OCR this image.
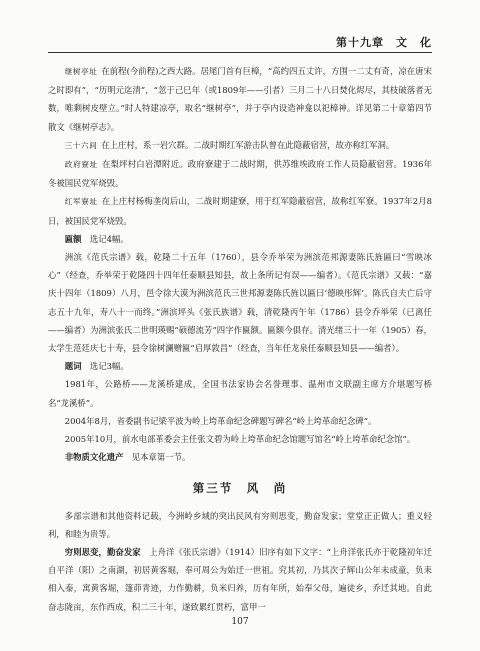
第十九章　文　化

继树亭址 在前程(今前程)之西大路。居尾门首有巨樟，“高约四五丈许，方围一二丈有奇，凉在唐宋之时即有”，“历明元迄清”，“忽于己巳年（或1809年——引者）三月二十八日焚化烬尽，其枝破落者无数，唯剩树皮壁立。”时人特建凉亭，取名“继树亭”，并于亭内设造神龛以祀樟神。详见第二十章第四节散文《继树亭志》。

三十六间 在上庄村，系一岩穴群。二战时期红军游击队曾在此隐蔽宿营，故亦称红军洞。

政府寮址 在梨坪村白岩潭附近。政府寮建于二战时期，供苏维埃政府工作人员隐蔽宿营。1936年冬被国民党军烧毁。

红军寮址 在上庄村杨梅垄岗后山，二战时期建寮，用于红军隐蔽宿营，故称红军寮。1937年2月8日，被国民党军烧毁。

匾额　 选记4幅。

洲滨《范氏宗谱》载，乾隆二十五年（1760），县令乔举荣为洲滨范邦源妻陈氏旌匾曰“雪映冰心”（经查，乔举荣于乾隆四十四年任泰顺县知县，故上条所记有误——编者）。《范氏宗谱》又载：“嘉庆十四年（1809）八月，邑令徐大漠为洲滨范氏三世邦源妻陈氏旌以匾曰‘德映彤辉’。陈氏自夫亡后守志五十九年，寿八十一而终。”洲滨坪头《张氏族谱》载，清乾隆丙午年（1786）县令乔举荣（已离任——编者）为洲滨张氏二世明瑛赐“硕德流芳”四字作匾额。匾额今俱存。清光绪三十一年（1905）春，太学生范廷庆七十寿，县令徐树澜赠匾“启厚敦昌”（经查，当年任龙泉任泰顺县知县——编者）。

题词　 选记3幅。

1981年，公路桥——龙溪桥建成，全国书法家协会名誉理事、温州市文联副主席方介堪题写桥名“龙溪桥”。

2004年8月，省委副书记梁平波为岭上垮革命纪念碑题写碑名“岭上垮革命纪念碑”。

2005年10月，前水电部革委会主任张文碧为岭上垮革命纪念馆题写馆名“岭上垮革命纪念馆”。

非物质文化遗产　 见本章第一节。

第三节　风　尚

多部宗谱和其他资料记载，今洲岭乡域的突出民风有穷则思变，勤奋发家；堂堂正正做人；重义轻利，和睦为贵等。

穷则思变，勤奋发家　 上舟洋《张氏宗谱》（1914）旧序有如下文字：“上舟洋张氏亦于乾隆初年迁自平洋（阳）之南湖，初居黄客堀，奉可周公为始迁一世祖。究其初，乃其次子辉山公年未成童，负耒相入泰，寓黄客堀，篷茆青迹，力作勤耕，负米归养，历有年所，始奉父母，遍徒乡，乔迁其地。自此奋志陇亩，东作西成，积二三十年，遂致累红贯朽，富甲一

107
